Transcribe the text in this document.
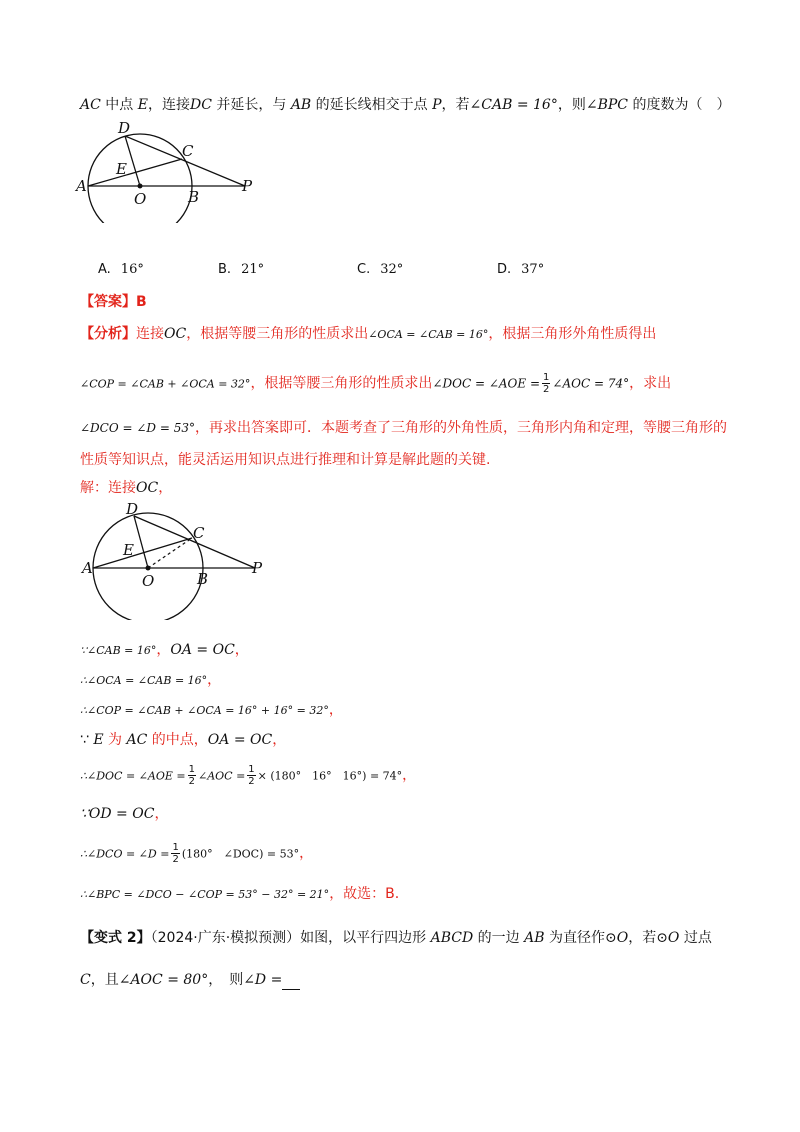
AC 中点 E，连接DC 并延长，与 AB 的延长线相交于点 P，若∠CAB = 16°，则∠BPC 的度数为（　）
A
D
C
E
O	B
P
A. 16°	B. 21°	C. 32°	D. 37°
【答案】B
【分析】连接OC，根据等腰三角形的性质求出∠OCA = ∠CAB = 16°，根据三角形外角性质得出
∠COP = ∠CAB + ∠OCA = 32°，根据等腰三角形的性质求出∠DOC = ∠AOE = $\frac{1}{2}$ ∠AOC = 74°，求出
∠DCO = ∠D = 53°，再求出答案即可．本题考查了三角形的外角性质，三角形内角和定理，等腰三角形的
性质等知识点，能灵活运用知识点进行推理和计算是解此题的关键.
解：连接OC，
A
D
C
E
O	B
P
∵∠CAB = 16°，OA = OC，
∴∠OCA = ∠CAB = 16°，
∴∠COP = ∠CAB + ∠OCA = 16° + 16° = 32°，
∵ E 为 AC 的中点，OA = OC，
∴∠DOC = ∠AOE = $\frac{1}{2}$ ∠AOC = $\frac{1}{2} \times (180^\circ$　16°　16°) = 74°，
∵OD = OC，
∴∠DCO = ∠D = $\frac{1}{2} (180^\circ$　∠DOC) = 53°，
∴∠BPC = ∠DCO − ∠COP = 53° − 32° = 21°，故选：B.
【变式 2】（2024·广东·模拟预测）如图，以平行四边形 ABCD 的一边 AB 为直径作⊙O，若⊙O 过点
C，且∠AOC = 80°，　则∠D =
